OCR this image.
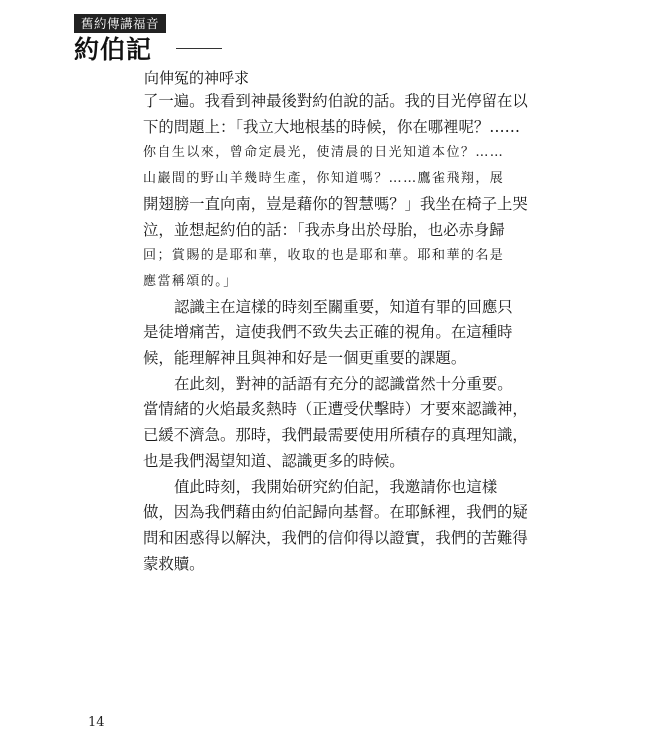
舊約傳講福音
約伯記
向伸冤的神呼求
了一遍。我看到神最後對約伯說的話。我的目光停留在以
下的問題上：「我立大地根基的時候，你在哪裡呢？……
你自生以來，曾命定晨光，使清晨的日光知道本位？……
山巖間的野山羊幾時生產，你知道嗎？……鷹雀飛翔，展
開翅膀一直向南，豈是藉你的智慧嗎？」我坐在椅子上哭
泣，並想起約伯的話：「我赤身出於母胎，也必赤身歸
回；賞賜的是耶和華，收取的也是耶和華。耶和華的名是
應當稱頌的。」
認識主在這樣的時刻至關重要，知道有罪的回應只
是徒增痛苦，這使我們不致失去正確的視角。在這種時
候，能理解神且與神和好是一個更重要的課題。
在此刻，對神的話語有充分的認識當然十分重要。
當情緒的火焰最炙熱時（正遭受伏擊時）才要來認識神，
已緩不濟急。那時，我們最需要使用所積存的真理知識，
也是我們渴望知道、認識更多的時候。
值此時刻，我開始研究約伯記，我邀請你也這樣
做，因為我們藉由約伯記歸向基督。在耶穌裡，我們的疑
問和困惑得以解決，我們的信仰得以證實，我們的苦難得
蒙救贖。
14
